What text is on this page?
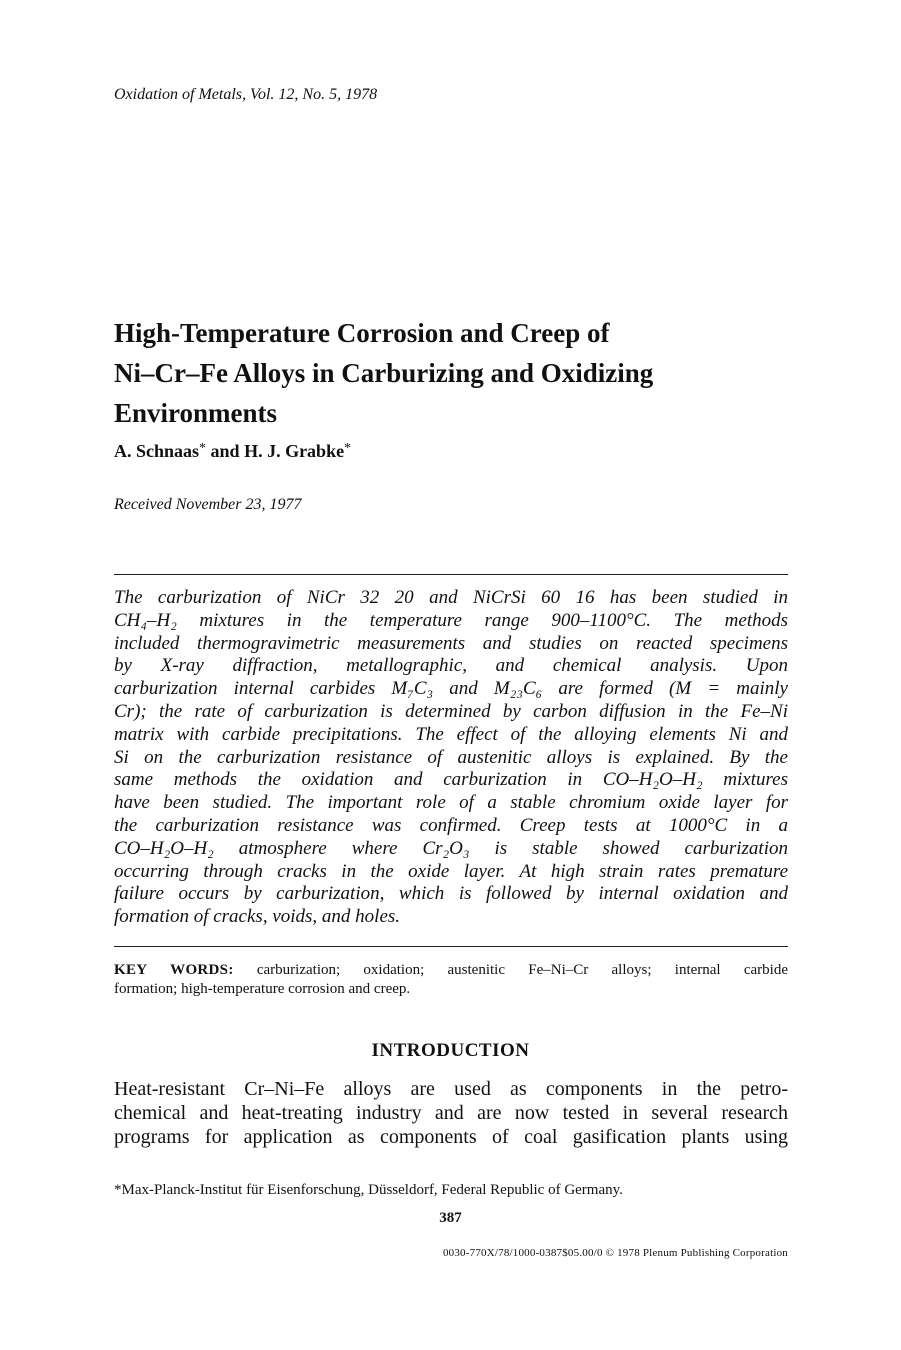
Oxidation of Metals, Vol. 12, No. 5, 1978
High-Temperature Corrosion and Creep of
Ni–Cr–Fe Alloys in Carburizing and Oxidizing
Environments
A. Schnaas* and H. J. Grabke*
Received November 23, 1977
The carburization of NiCr 32 20 and NiCrSi 60 16 has been studied in
CH₄–H₂ mixtures in the temperature range 900–1100°C. The methods
included thermogravimetric measurements and studies on reacted specimens
by X-ray diffraction, metallographic, and chemical analysis. Upon
carburization internal carbides M₇C₃ and M₂₃C₆ are formed (M = mainly
Cr); the rate of carburization is determined by carbon diffusion in the Fe–Ni
matrix with carbide precipitations. The effect of the alloying elements Ni and
Si on the carburization resistance of austenitic alloys is explained. By the
same methods the oxidation and carburization in CO–H₂O–H₂ mixtures
have been studied. The important role of a stable chromium oxide layer for
the carburization resistance was confirmed. Creep tests at 1000°C in a
CO–H₂O–H₂ atmosphere where Cr₂O₃ is stable showed carburization
occurring through cracks in the oxide layer. At high strain rates premature
failure occurs by carburization, which is followed by internal oxidation and
formation of cracks, voids, and holes.
KEY WORDS: carburization; oxidation; austenitic Fe–Ni–Cr alloys; internal carbide
formation; high-temperature corrosion and creep.
INTRODUCTION
Heat-resistant Cr–Ni–Fe alloys are used as components in the petro-
chemical and heat-treating industry and are now tested in several research
programs for application as components of coal gasification plants using
*Max-Planck-Institut für Eisenforschung, Düsseldorf, Federal Republic of Germany.
387
0030-770X/78/1000-0387$05.00/0 © 1978 Plenum Publishing Corporation
